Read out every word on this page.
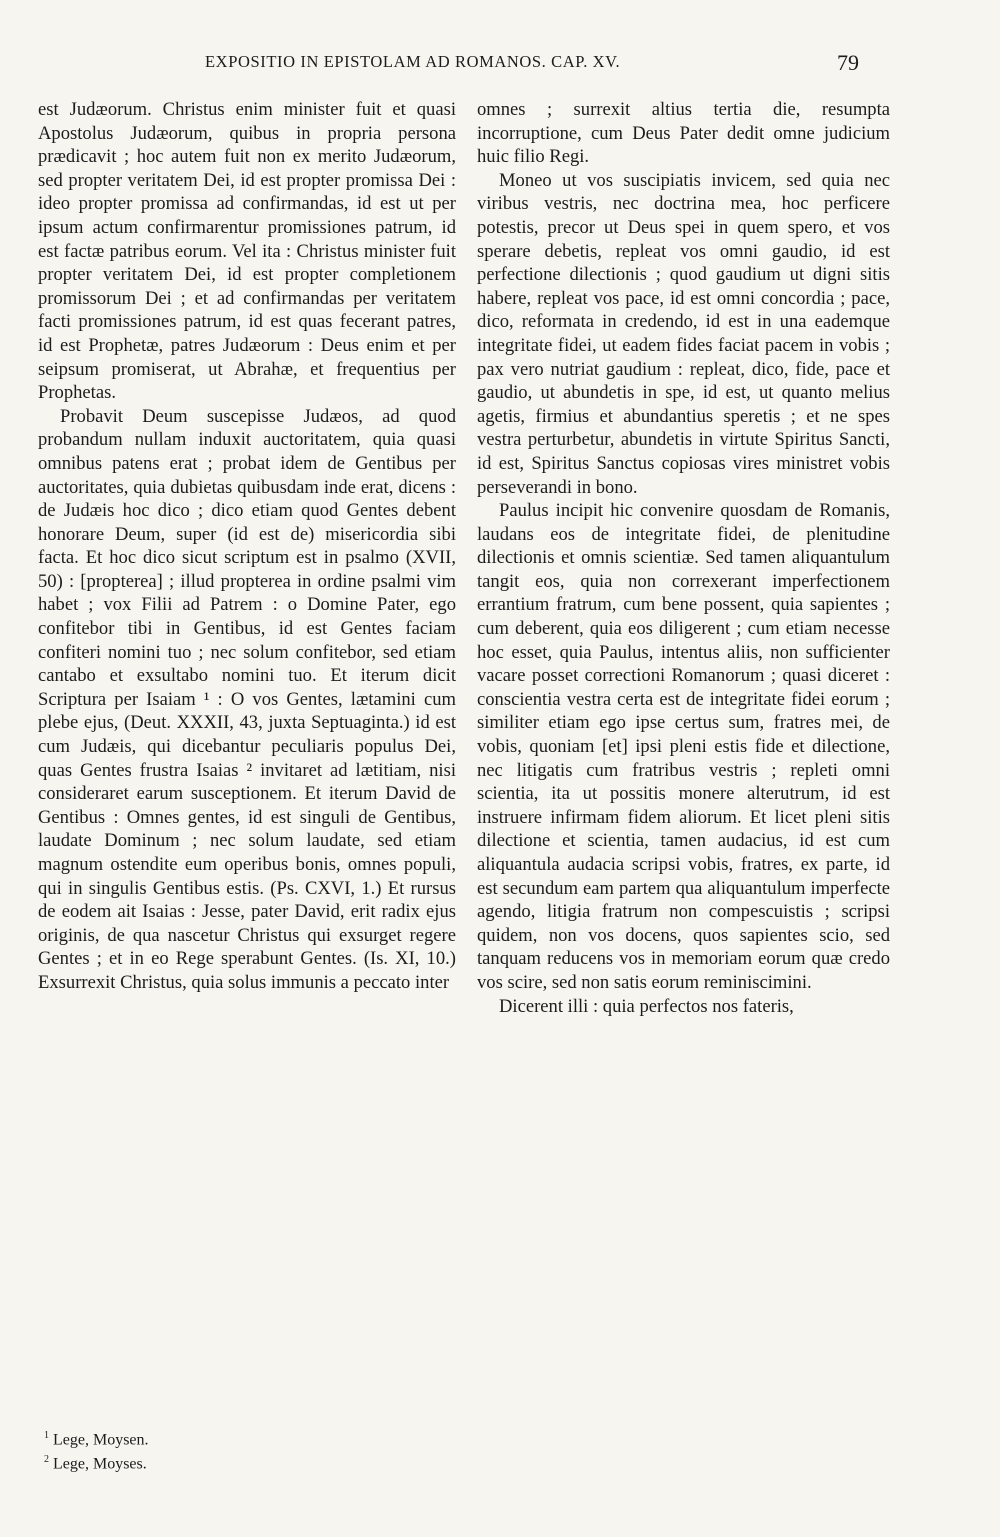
EXPOSITIO IN EPISTOLAM AD ROMANOS. CAP. XV.	79

est Judæorum. Christus enim minister fuit et quasi Apostolus Judæorum, quibus in propria persona prædicavit ; hoc autem fuit non ex merito Judæorum, sed propter veritatem Dei, id est propter promissa Dei : ideo propter promissa ad confirmandas, id est ut per ipsum actum confirmarentur promissiones patrum, id est factæ patribus eorum. Vel ita : Christus minister fuit propter veritatem Dei, id est propter completionem promissorum Dei ; et ad confirmandas per veritatem facti promissiones patrum, id est quas fecerant patres, id est Prophetæ, patres Judæorum : Deus enim et per seipsum promiserat, ut Abrahæ, et frequentius per Prophetas.

Probavit Deum suscepisse Judæos, ad quod probandum nullam induxit auctoritatem, quia quasi omnibus patens erat ; probat idem de Gentibus per auctoritates, quia dubietas quibusdam inde erat, dicens : de Judæis hoc dico ; dico etiam quod Gentes debent honorare Deum, super (id est de) misericordia sibi facta. Et hoc dico sicut scriptum est in psalmo (XVII, 50) : [propterea] ; illud propterea in ordine psalmi vim habet ; vox Filii ad Patrem : o Domine Pater, ego confitebor tibi in Gentibus, id est Gentes faciam confiteri nomini tuo ; nec solum confitebor, sed etiam cantabo et exsultabo nomini tuo. Et iterum dicit Scriptura per Isaiam ¹ : O vos Gentes, lætamini cum plebe ejus, (Deut. XXXII, 43, juxta Septuaginta.) id est cum Judæis, qui dicebantur peculiaris populus Dei, quas Gentes frustra Isaias ² invitaret ad lætitiam, nisi consideraret earum susceptionem. Et iterum David de Gentibus : Omnes gentes, id est singuli de Gentibus, laudate Dominum ; nec solum laudate, sed etiam magnum ostendite eum operibus bonis, omnes populi, qui in singulis Gentibus estis. (Ps. CXVI, 1.) Et rursus de eodem ait Isaias : Jesse, pater David, erit radix ejus originis, de qua nascetur Christus qui exsurget regere Gentes ; et in eo Rege sperabunt Gentes. (Is. XI, 10.) Exsurrexit Christus, quia solus immunis a peccato inter

omnes ; surrexit altius tertia die, resumpta incorruptione, cum Deus Pater dedit omne judicium huic filio Regi.

Moneo ut vos suscipiatis invicem, sed quia nec viribus vestris, nec doctrina mea, hoc perficere potestis, precor ut Deus spei in quem spero, et vos sperare debetis, repleat vos omni gaudio, id est perfectione dilectionis ; quod gaudium ut digni sitis habere, repleat vos pace, id est omni concordia ; pace, dico, reformata in credendo, id est in una eademque integritate fidei, ut eadem fides faciat pacem in vobis ; pax vero nutriat gaudium : repleat, dico, fide, pace et gaudio, ut abundetis in spe, id est, ut quanto melius agetis, firmius et abundantius speretis ; et ne spes vestra perturbetur, abundetis in virtute Spiritus Sancti, id est, Spiritus Sanctus copiosas vires ministret vobis perseverandi in bono.

Paulus incipit hic convenire quosdam de Romanis, laudans eos de integritate fidei, de plenitudine dilectionis et omnis scientiæ. Sed tamen aliquantulum tangit eos, quia non correxerant imperfectionem errantium fratrum, cum bene possent, quia sapientes ; cum deberent, quia eos diligerent ; cum etiam necesse hoc esset, quia Paulus, intentus aliis, non sufficienter vacare posset correctioni Romanorum ; quasi diceret : conscientia vestra certa est de integritate fidei eorum ; similiter etiam ego ipse certus sum, fratres mei, de vobis, quoniam [et] ipsi pleni estis fide et dilectione, nec litigatis cum fratribus vestris ; repleti omni scientia, ita ut possitis monere alterutrum, id est instruere infirmam fidem aliorum. Et licet pleni sitis dilectione et scientia, tamen audacius, id est cum aliquantula audacia scripsi vobis, fratres, ex parte, id est secundum eam partem qua aliquantulum imperfecte agendo, litigia fratrum non compescuistis ; scripsi quidem, non vos docens, quos sapientes scio, sed tanquam reducens vos in memoriam eorum quæ credo vos scire, sed non satis eorum reminiscimini.

Dicerent illi : quia perfectos nos fateris,

$^1$ Lege, Moysen.
$^2$ Lege, Moyses.
